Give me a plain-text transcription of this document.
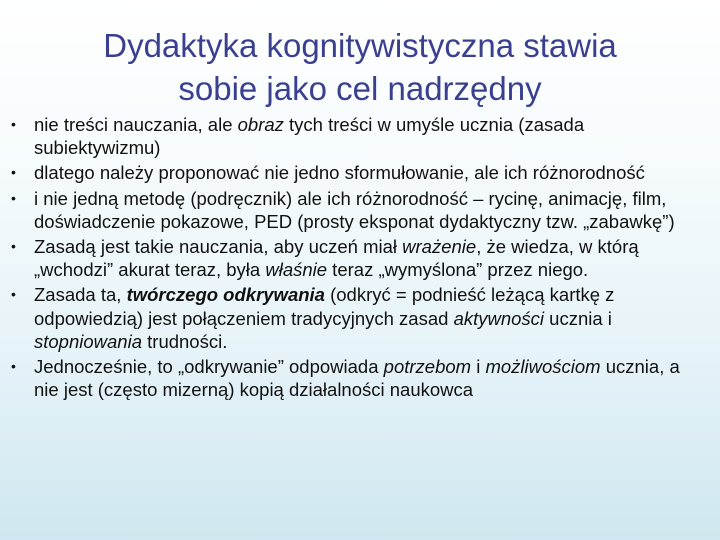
Dydaktyka kognitywistyczna stawia
sobie jako cel nadrzędny
• nie treści nauczania, ale obraz tych treści w umyśle ucznia (zasada subiektywizmu)
• dlatego należy proponować nie jedno sformułowanie, ale ich różnorodność
• i nie jedną metodę (podręcznik) ale ich różnorodność – rycinę, animację, film, doświadczenie pokazowe, PED (prosty eksponat dydaktyczny tzw. „zabawkę”)
• Zasadą jest takie nauczania, aby uczeń miał wrażenie, że wiedza, w którą „wchodzi” akurat teraz, była właśnie teraz „wymyślona” przez niego.
• Zasada ta, twórczego odkrywania (odkryć = podnieść leżącą kartkę z odpowiedzią) jest połączeniem tradycyjnych zasad aktywności ucznia i stopniowania trudności.
• Jednocześnie, to „odkrywanie” odpowiada potrzebom i możliwościom ucznia, a nie jest (często mizerną) kopią działalności naukowca
